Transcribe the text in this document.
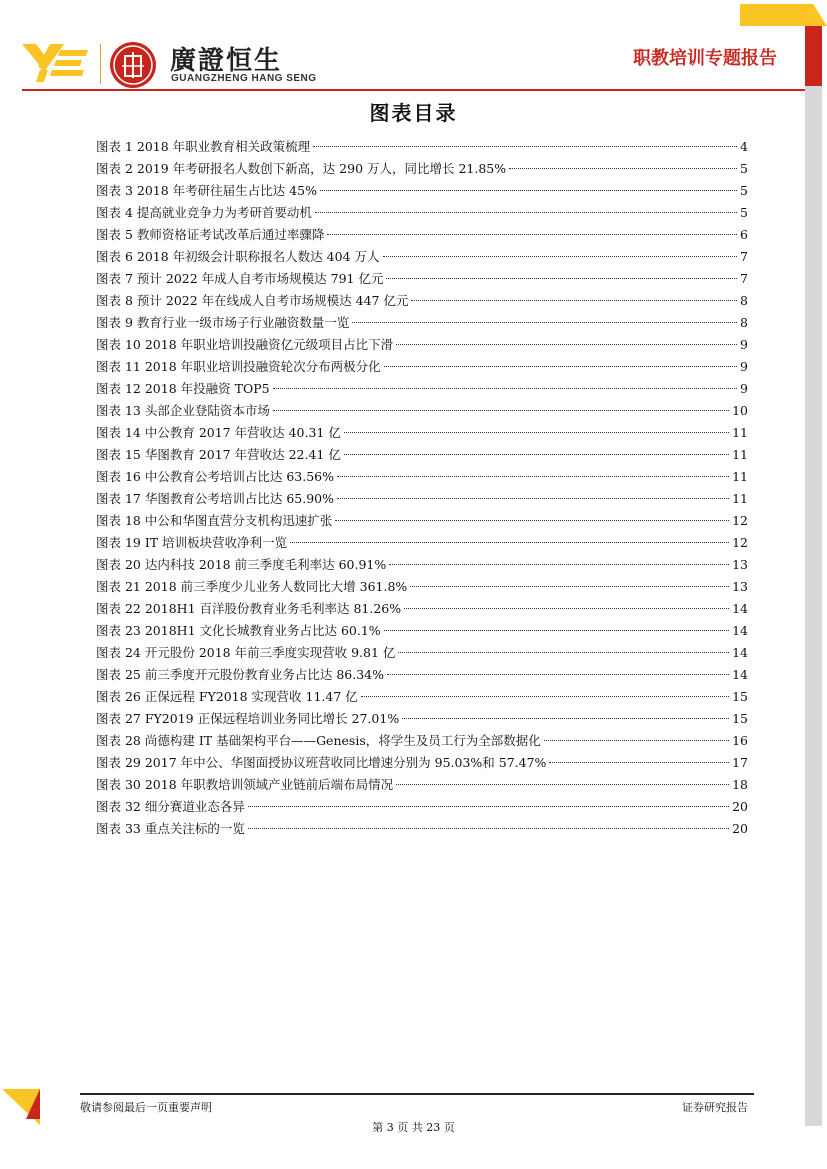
廣證恒生
GUANGZHENG HANG SENG
职教培训专题报告
图表目录
图表 1 2018 年职业教育相关政策梳理	4
图表 2 2019 年考研报名人数创下新高，达 290 万人，同比增长 21.85%	5
图表 3 2018 年考研往届生占比达 45%	5
图表 4 提高就业竞争力为考研首要动机	5
图表 5 教师资格证考试改革后通过率骤降	6
图表 6 2018 年初级会计职称报名人数达 404 万人	7
图表 7 预计 2022 年成人自考市场规模达 791 亿元	7
图表 8 预计 2022 年在线成人自考市场规模达 447 亿元	8
图表 9 教育行业一级市场子行业融资数量一览	8
图表 10 2018 年职业培训投融资亿元级项目占比下滑	9
图表 11 2018 年职业培训投融资轮次分布两极分化	9
图表 12 2018 年投融资 TOP5	9
图表 13 头部企业登陆资本市场	10
图表 14 中公教育 2017 年营收达 40.31 亿	11
图表 15 华图教育 2017 年营收达 22.41 亿	11
图表 16 中公教育公考培训占比达 63.56%	11
图表 17 华图教育公考培训占比达 65.90%	11
图表 18 中公和华图直营分支机构迅速扩张	12
图表 19 IT 培训板块营收净利一览	12
图表 20 达内科技 2018 前三季度毛利率达 60.91%	13
图表 21 2018 前三季度少儿业务人数同比大增 361.8%	13
图表 22 2018H1 百洋股份教育业务毛利率达 81.26%	14
图表 23 2018H1 文化长城教育业务占比达 60.1%	14
图表 24 开元股份 2018 年前三季度实现营收 9.81 亿	14
图表 25 前三季度开元股份教育业务占比达 86.34%	14
图表 26 正保远程 FY2018 实现营收 11.47 亿	15
图表 27 FY2019 正保远程培训业务同比增长 27.01%	15
图表 28 尚德构建 IT 基础架构平台——Genesis，将学生及员工行为全部数据化	16
图表 29 2017 年中公、华图面授协议班营收同比增速分别为 95.03%和 57.47%	17
图表 30 2018 年职教培训领域产业链前后端布局情况	18
图表 32 细分赛道业态各异	20
图表 33 重点关注标的一览	20
敬请参阅最后一页重要声明	证券研究报告
第 3 页 共 23 页
